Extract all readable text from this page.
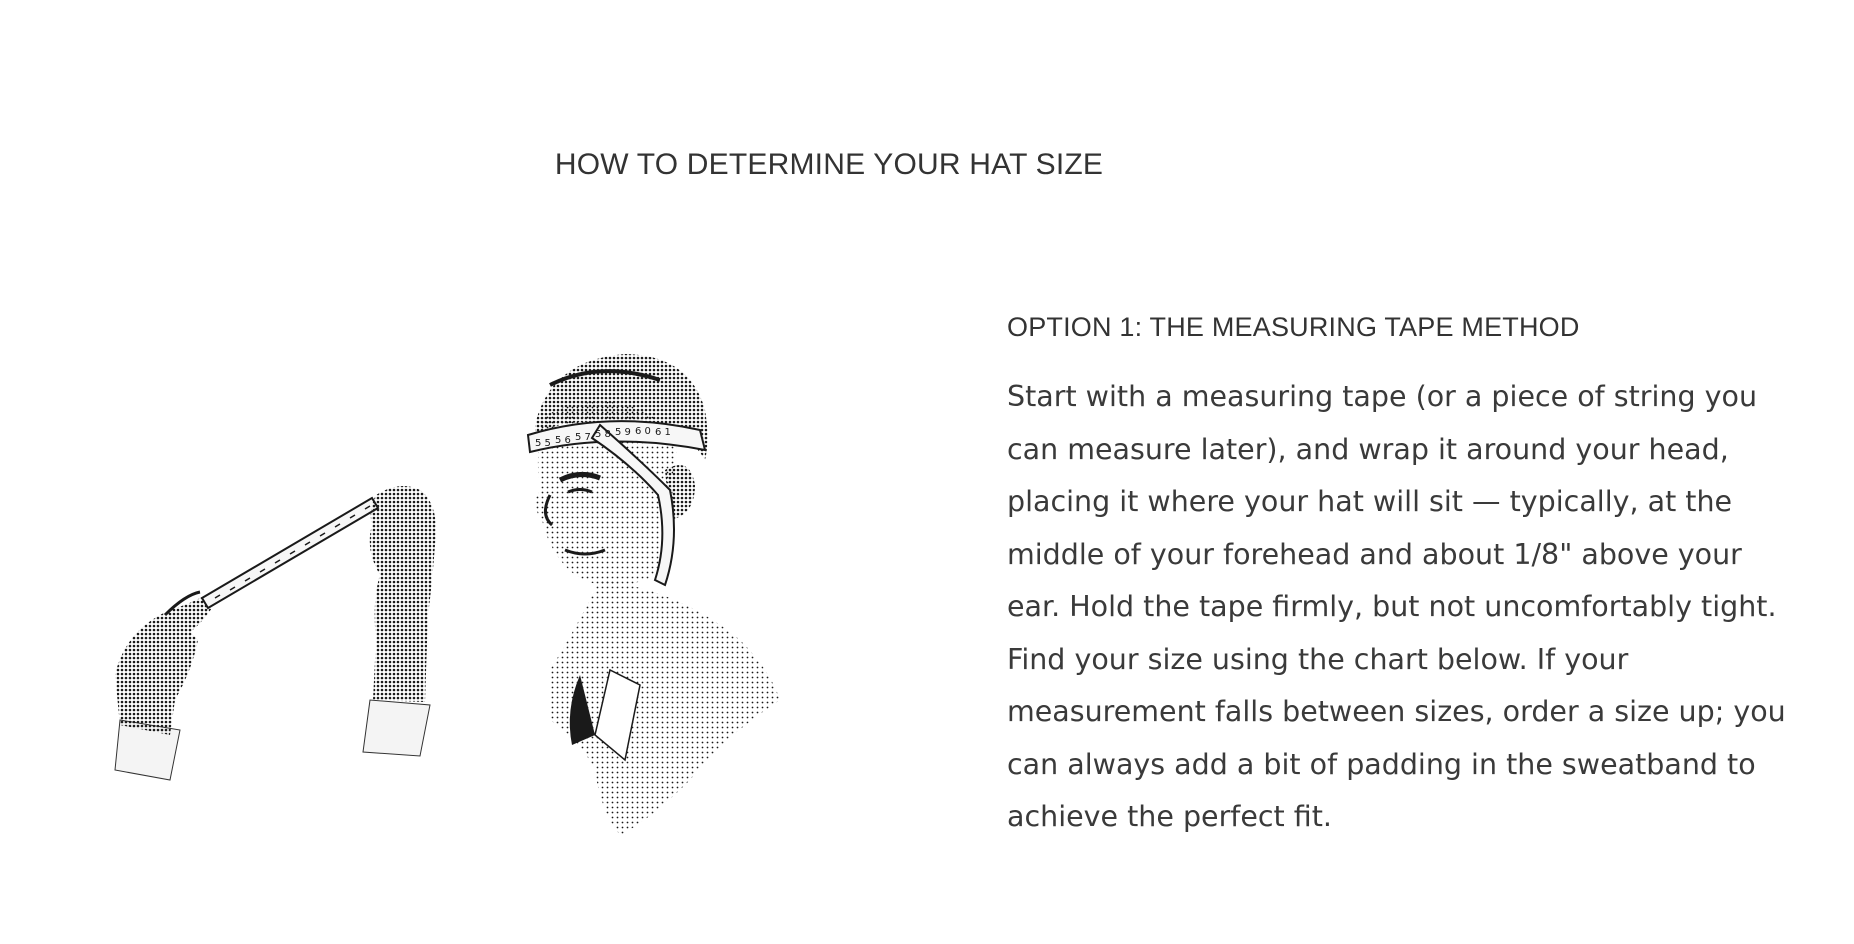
HOW TO DETERMINE YOUR HAT SIZE
5 5 5 6 5 7 5 8 5 9 6 0 6 1
OPTION 1: THE MEASURING TAPE METHOD

Start with a measuring tape (or a piece of string you can measure later), and wrap it around your head, placing it where your hat will sit — typically, at the middle of your forehead and about 1/8" above your ear. Hold the tape firmly, but not uncomfortably tight. Find your size using the chart below. If your measurement falls between sizes, order a size up; you can always add a bit of padding in the sweatband to achieve the perfect fit.
